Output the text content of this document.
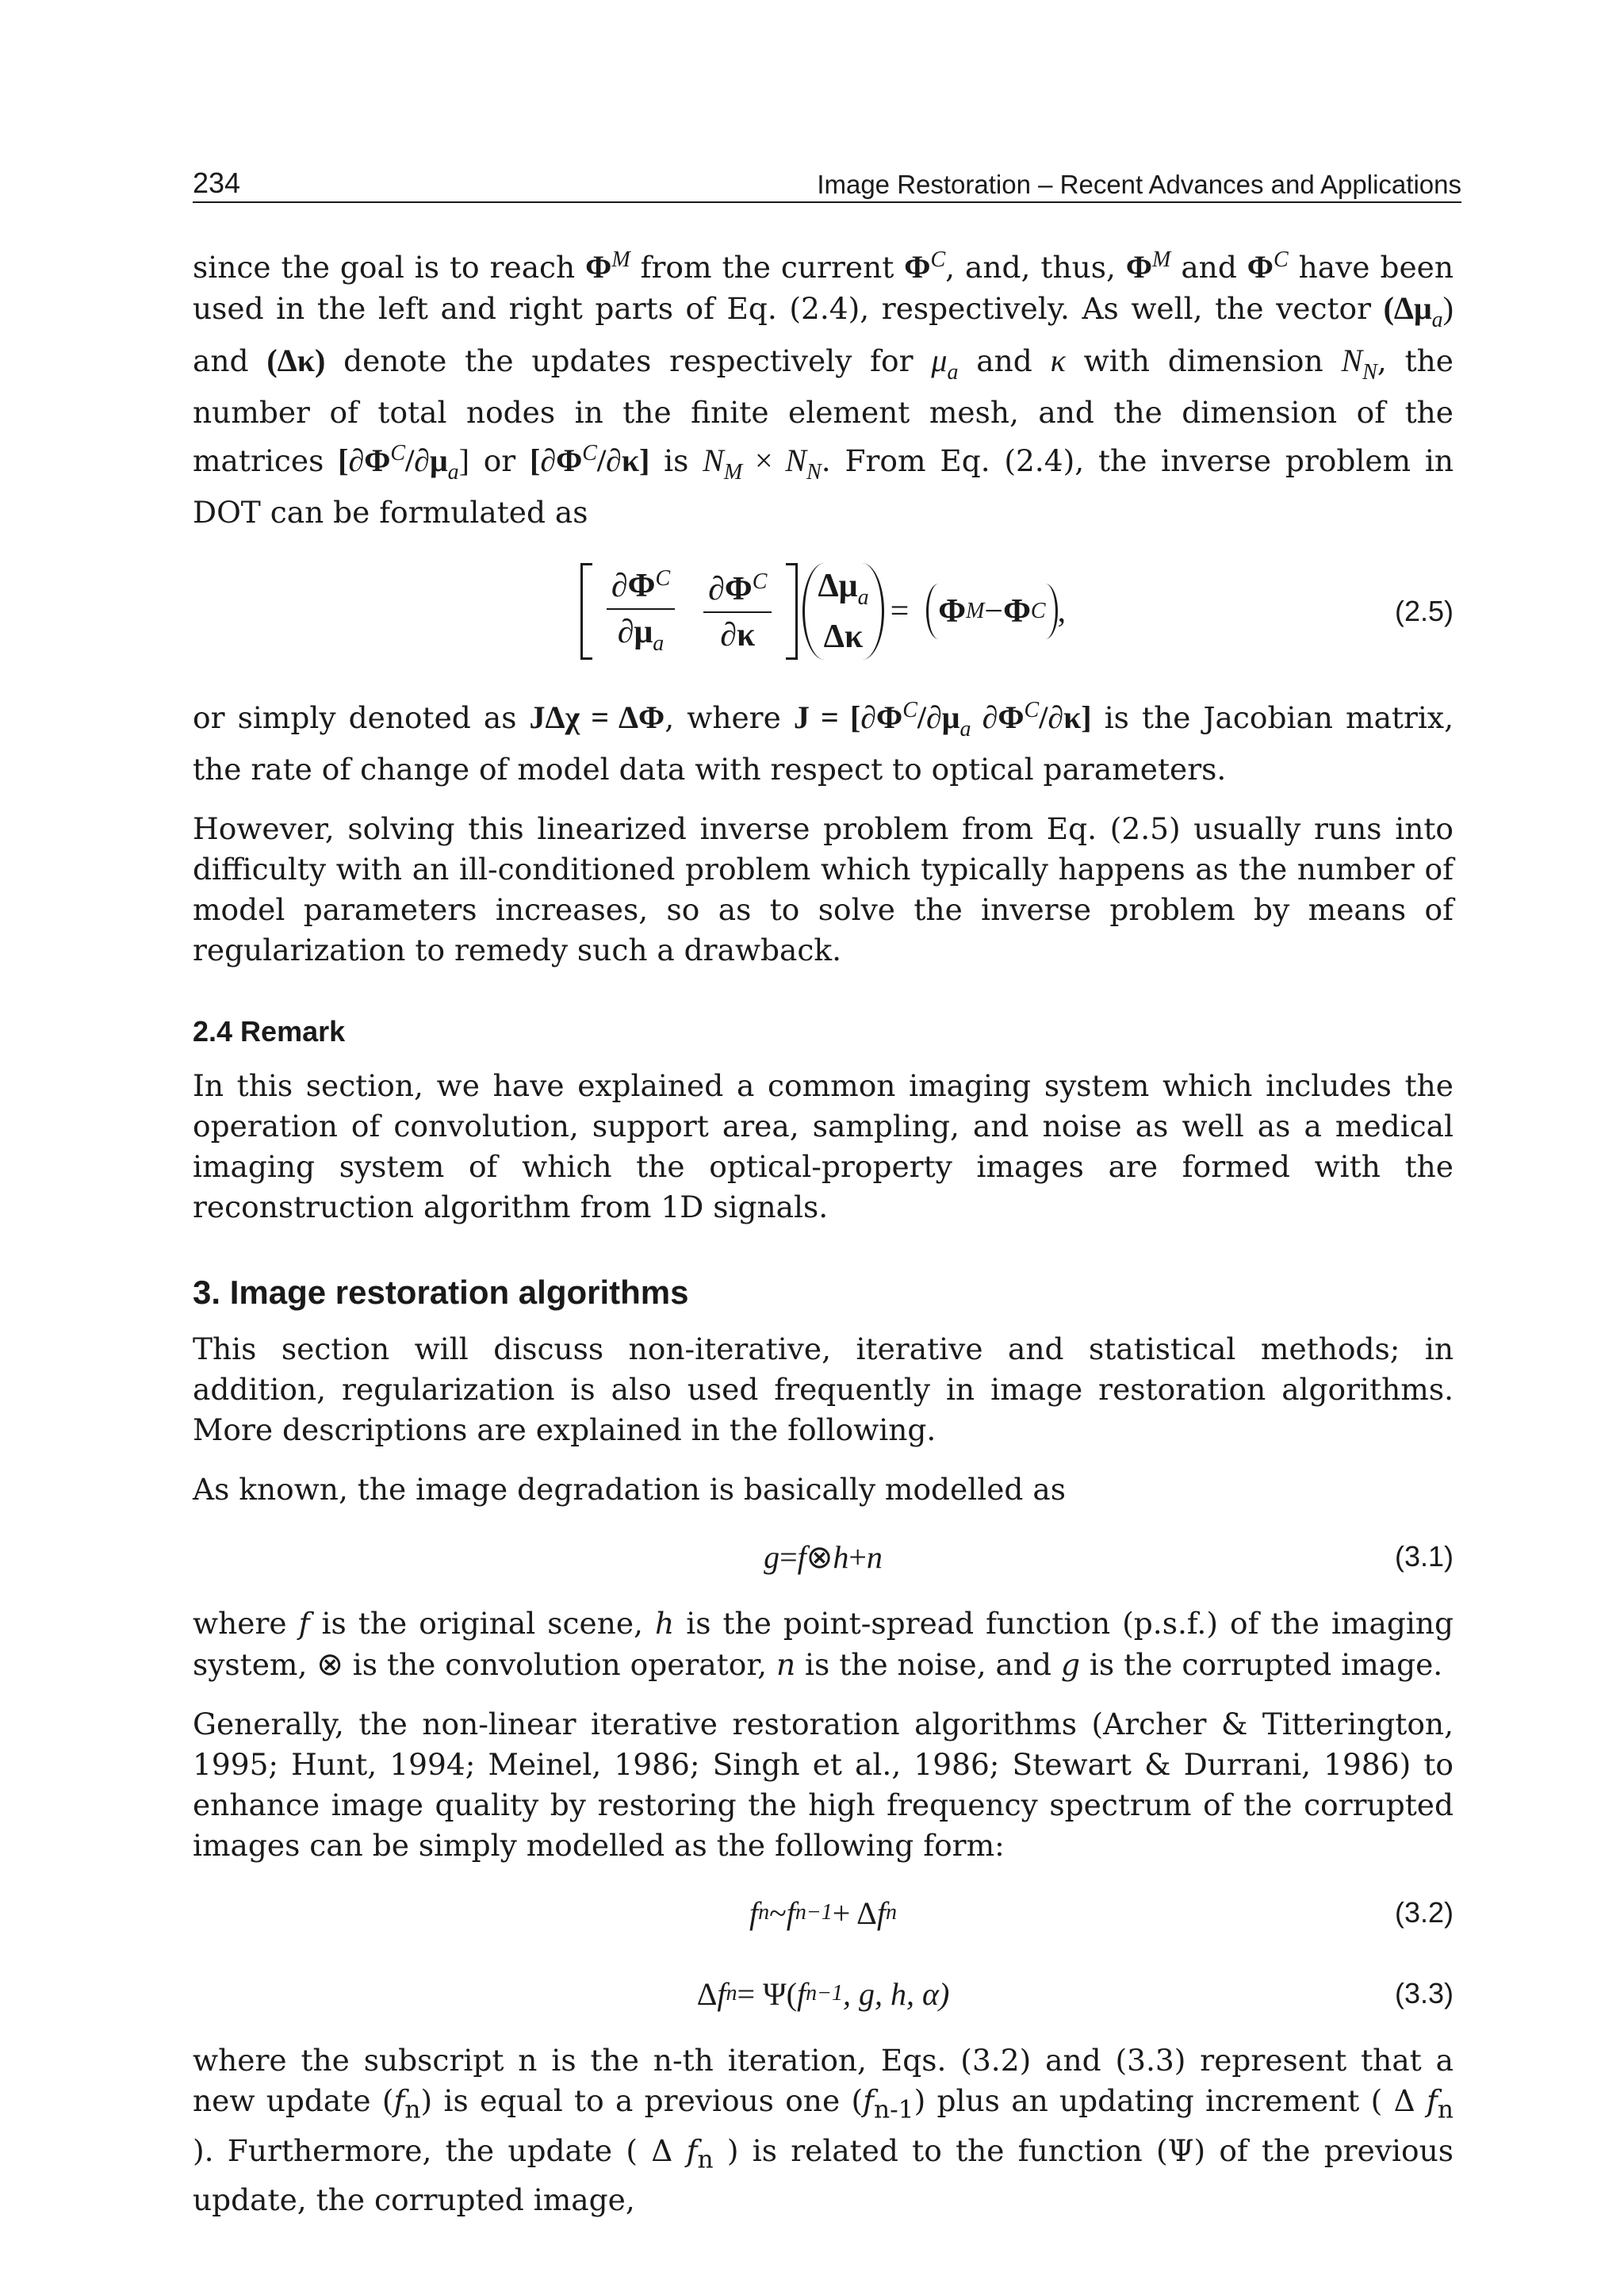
234	Image Restoration – Recent Advances and Applications

since the goal is to reach $\Phi^M$ from the current $\Phi^C$, and, thus, $\Phi^M$ and $\Phi^C$ have been used in the left and right parts of Eq. (2.4), respectively. As well, the vector $(\Delta\mu_a)$ and (Δκ) denote the updates respectively for $\mu_a$ and κ with dimension $N_N$, the number of total nodes in the finite element mesh, and the dimension of the matrices $[\partial\Phi^C/\partial\mu_a]$ or $[\partial\Phi^C/\partial\kappa]$ is $N_M \times N_N$. From Eq. (2.4), the inverse problem in DOT can be formulated as

$\frac{\partial\Phi^C}{\partial\mu_a} \frac{\partial\Phi^C}{\partial\kappa} \Delta\mu_a$
Δκ
= Φ M − Φ C ,	(2.5)

or simply denoted as JΔχ = ΔΦ, where $J = [\partial\Phi^C/\partial\mu_a$ $\partial\Phi^C/\partial\kappa$] is the Jacobian matrix, the rate of change of model data with respect to optical parameters.

However, solving this linearized inverse problem from Eq. (2.5) usually runs into difficulty with an ill-conditioned problem which typically happens as the number of model parameters increases, so as to solve the inverse problem by means of regularization to remedy such a drawback.

2.4 Remark

In this section, we have explained a common imaging system which includes the operation of convolution, support area, sampling, and noise as well as a medical imaging system of which the optical-property images are formed with the reconstruction algorithm from 1D signals.

3. Image restoration algorithms

This section will discuss non-iterative, iterative and statistical methods; in addition, regularization is also used frequently in image restoration algorithms. More descriptions are explained in the following.

As known, the image degradation is basically modelled as

g = f ⊗ h + n	(3.1)

where f is the original scene, h is the point-spread function (p.s.f.) of the imaging system, ⊗ is the convolution operator, n is the noise, and g is the corrupted image.

Generally, the non-linear iterative restoration algorithms (Archer & Titterington, 1995; Hunt, 1994; Meinel, 1986; Singh et al., 1986; Stewart & Durrani, 1986) to enhance image quality by restoring the high frequency spectrum of the corrupted images can be simply modelled as the following form:

f n ~ f n−1 + Δ f n	(3.2)
Δ f n = Ψ( f n−1 , g, h, α)	(3.3)

where the subscript n is the n-th iteration, Eqs. (3.2) and (3.3) represent that a new update $(f_n)$ is equal to a previous one $(f_{n-1})$ plus an updating increment ( Δ $f_n$ ). Furthermore, the update ( Δ $f_n$ ) is related to the function (Ψ) of the previous update, the corrupted image,
